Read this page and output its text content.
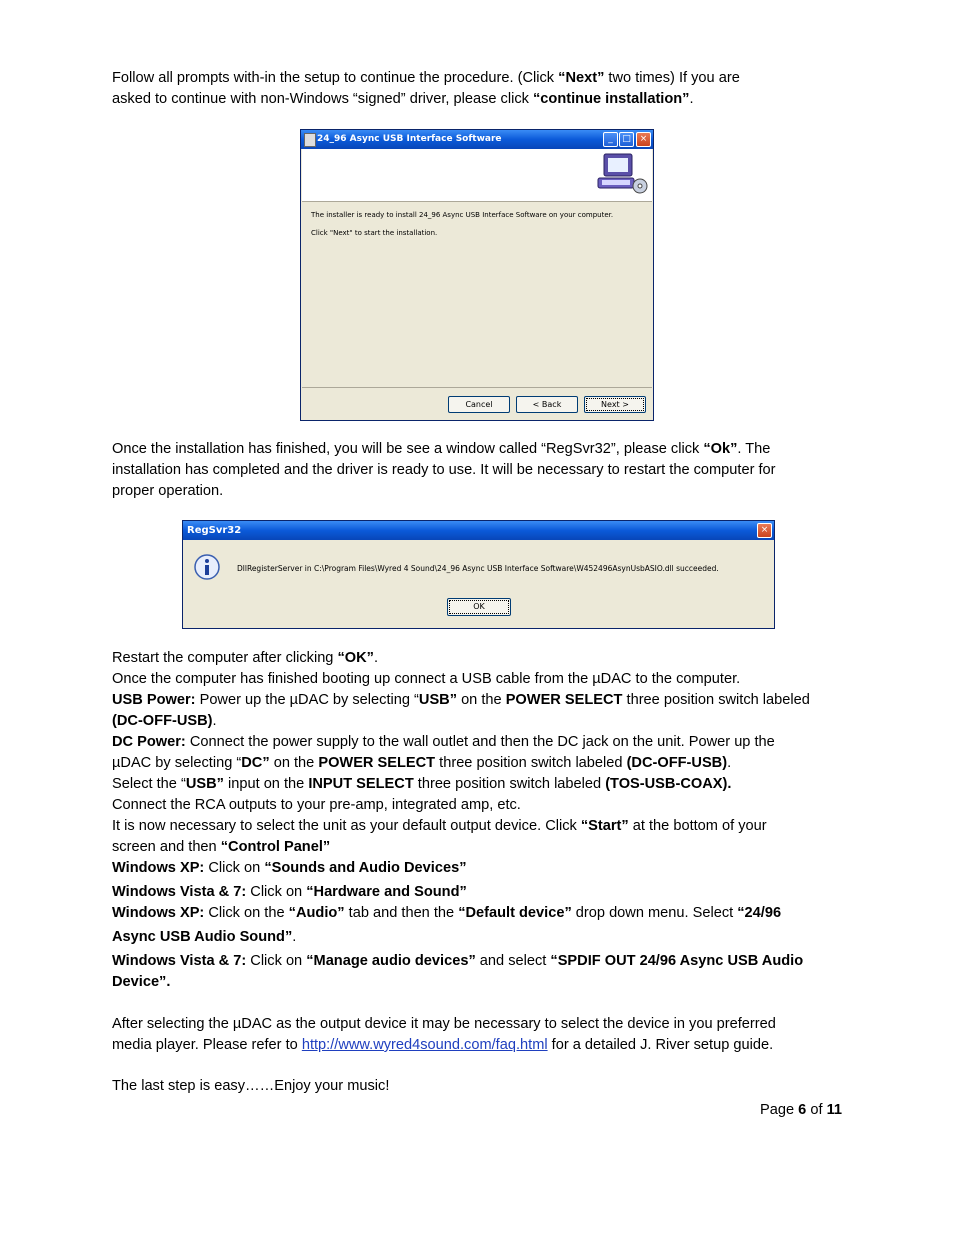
Follow all prompts with-in the setup to continue the procedure. (Click “Next” two times) If you are
asked to continue with non-Windows “signed” driver, please click “continue installation”.
24_96 Async USB Interface Software	_	□ ×
The installer is ready to install 24_96 Async USB Interface Software on your computer.
Click "Next" to start the installation.
Cancel	< Back	Next >
Once the installation has finished, you will be see a window called “RegSvr32”, please click “Ok”. The
installation has completed and the driver is ready to use. It will be necessary to restart the computer for
proper operation.
RegSvr32	×
DllRegisterServer in C:\Program Files\Wyred 4 Sound\24_96 Async USB Interface Software\W452496AsynUsbASIO.dll succeeded.
OK
Restart the computer after clicking “OK”.
Once the computer has finished booting up connect a USB cable from the µDAC to the computer.
USB Power: Power up the µDAC by selecting “USB” on the POWER SELECT three position switch labeled
(DC-OFF-USB).
DC Power: Connect the power supply to the wall outlet and then the DC jack on the unit. Power up the
µDAC by selecting “DC” on the POWER SELECT three position switch labeled (DC-OFF-USB).
Select the “USB” input on the INPUT SELECT three position switch labeled (TOS-USB-COAX).
Connect the RCA outputs to your pre-amp, integrated amp, etc.
It is now necessary to select the unit as your default output device. Click “Start” at the bottom of your
screen and then “Control Panel”
Windows XP: Click on “Sounds and Audio Devices”
Windows Vista & 7: Click on “Hardware and Sound”
Windows XP: Click on the “Audio” tab and then the “Default device” drop down menu. Select “24/96
Async USB Audio Sound”.
Windows Vista & 7: Click on “Manage audio devices” and select “SPDIF OUT 24/96 Async USB Audio
Device”.
After selecting the µDAC as the output device it may be necessary to select the device in you preferred
media player. Please refer to http://www.wyred4sound.com/faq.html for a detailed J. River setup guide.
The last step is easy……Enjoy your music!
Page 6 of 11
